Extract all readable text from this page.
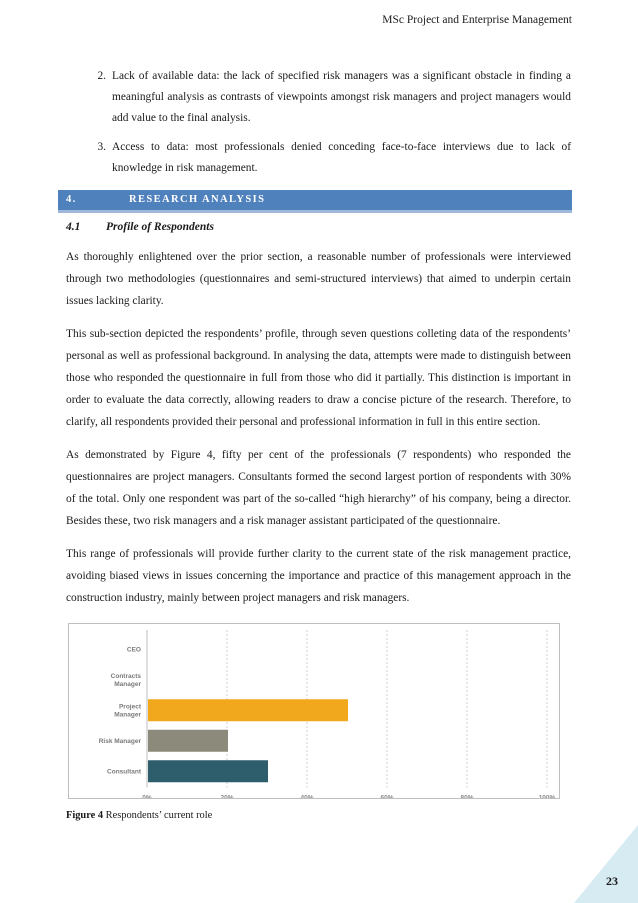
MSc Project and Enterprise Management
2. Lack of available data: the lack of specified risk managers was a significant obstacle in finding a meaningful analysis as contrasts of viewpoints amongst risk managers and project managers would add value to the final analysis.
3. Access to data: most professionals denied conceding face-to-face interviews due to lack of knowledge in risk management.
4.	RESEARCH ANALYSIS
4.1 Profile of Respondents

As thoroughly enlightened over the prior section, a reasonable number of professionals were interviewed through two methodologies (questionnaires and semi-structured interviews) that aimed to underpin certain issues lacking clarity.

This sub-section depicted the respondents’ profile, through seven questions colleting data of the respondents’ personal as well as professional background. In analysing the data, attempts were made to distinguish between those who responded the questionnaire in full from those who did it partially. This distinction is important in order to evaluate the data correctly, allowing readers to draw a concise picture of the research. Therefore, to clarify, all respondents provided their personal and professional information in full in this entire section.

As demonstrated by Figure 4, fifty per cent of the professionals (7 respondents) who responded the questionnaires are project managers. Consultants formed the second largest portion of respondents with 30% of the total. Only one respondent was part of the so-called “high hierarchy” of his company, being a director. Besides these, two risk managers and a risk manager assistant participated of the questionnaire.

This range of professionals will provide further clarity to the current state of the risk management practice, avoiding biased views in issues concerning the importance and practice of this management approach in the construction industry, mainly between project managers and risk managers.

0%	20%	40%	60%	80%	100%
CEO
Contracts
Manager
Project
Manager
Risk Manager
Consultant
Figure 4 Respondents’ current role
23
